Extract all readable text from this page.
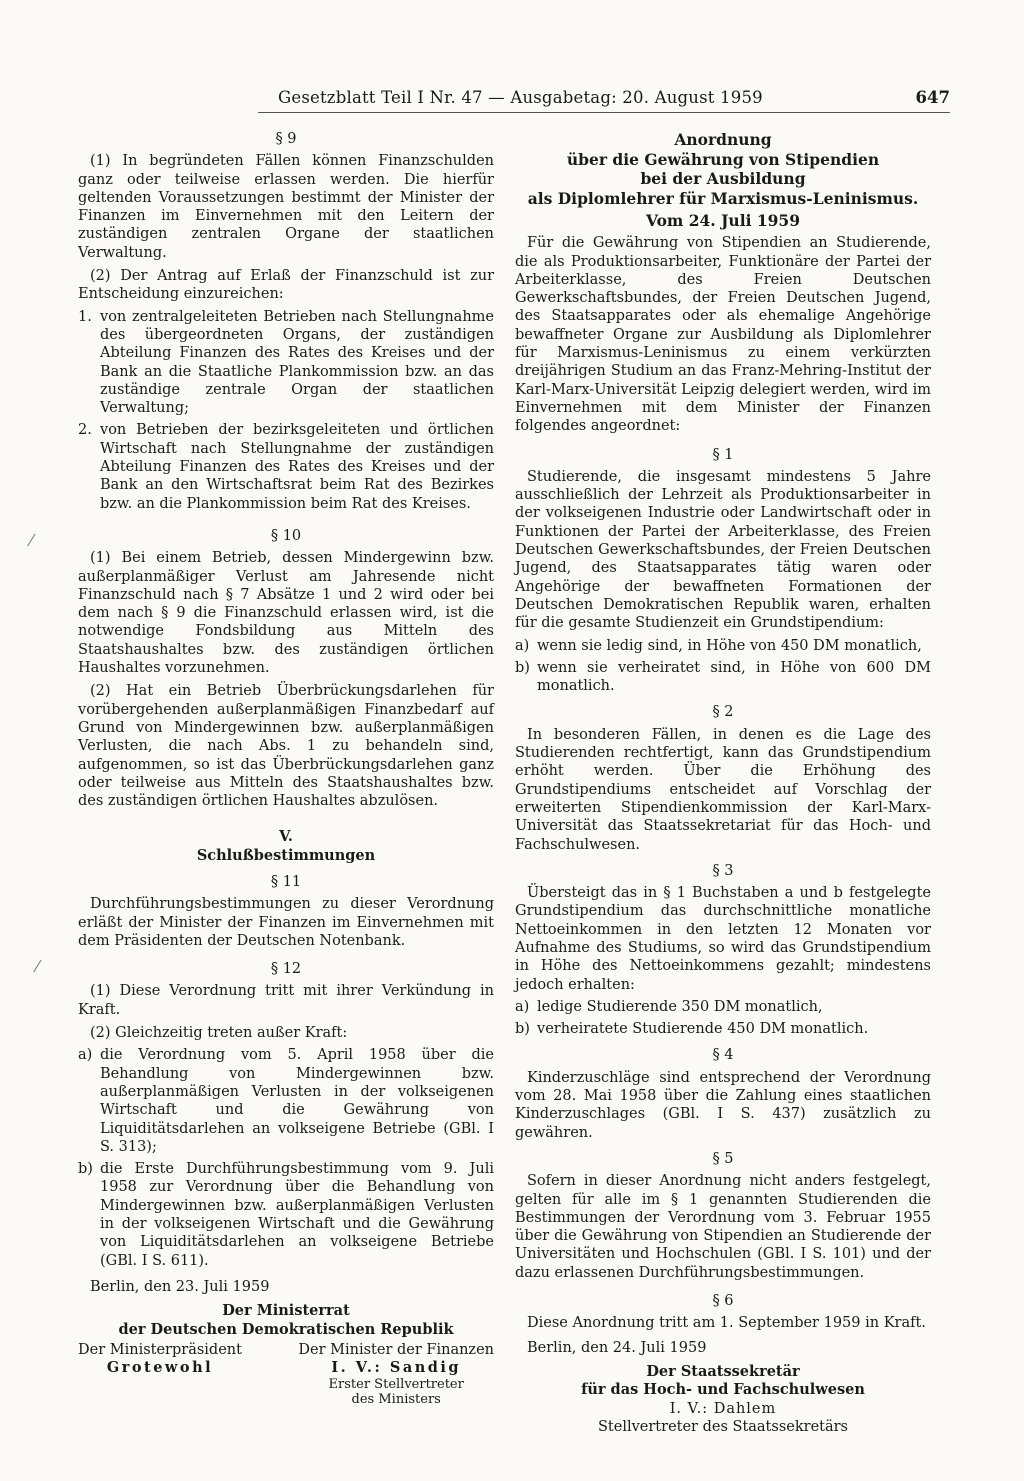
Gesetzblatt Teil I Nr. 47 — Ausgabetag: 20. August 1959	647
⁄
⁄
§ 9

(1) In begründeten Fällen können Finanzschulden ganz oder teilweise erlassen werden. Die hierfür geltenden Voraussetzungen bestimmt der Minister der Finanzen im Einvernehmen mit den Leitern der zuständigen zentralen Organe der staatlichen Verwaltung.

(2) Der Antrag auf Erlaß der Finanzschuld ist zur Entscheidung einzureichen:

1. von zentralgeleiteten Betrieben nach Stellungnahme des übergeordneten Organs, der zuständigen Abteilung Finanzen des Rates des Kreises und der Bank an die Staatliche Plankommission bzw. an das zuständige zentrale Organ der staatlichen Verwaltung;
2. von Betrieben der bezirksgeleiteten und örtlichen Wirtschaft nach Stellungnahme der zuständigen Abteilung Finanzen des Rates des Kreises und der Bank an den Wirtschaftsrat beim Rat des Bezirkes bzw. an die Plankommission beim Rat des Kreises.
§ 10

(1) Bei einem Betrieb, dessen Mindergewinn bzw. außerplanmäßiger Verlust am Jahresende nicht Finanzschuld nach § 7 Absätze 1 und 2 wird oder bei dem nach § 9 die Finanzschuld erlassen wird, ist die notwendige Fondsbildung aus Mitteln des Staatshaushaltes bzw. des zuständigen örtlichen Haushaltes vorzunehmen.

(2) Hat ein Betrieb Überbrückungsdarlehen für vorübergehenden außerplanmäßigen Finanzbedarf auf Grund von Mindergewinnen bzw. außerplanmäßigen Verlusten, die nach Abs. 1 zu behandeln sind, aufgenommen, so ist das Überbrückungsdarlehen ganz oder teilweise aus Mitteln des Staatshaushaltes bzw. des zuständigen örtlichen Haushaltes abzulösen.

V.
Schlußbestimmungen
§ 11

Durchführungsbestimmungen zu dieser Verordnung erläßt der Minister der Finanzen im Einvernehmen mit dem Präsidenten der Deutschen Notenbank.

§ 12

(1) Diese Verordnung tritt mit ihrer Verkündung in Kraft.

(2) Gleichzeitig treten außer Kraft:

a) die Verordnung vom 5. April 1958 über die Behandlung von Mindergewinnen bzw. außerplanmäßigen Verlusten in der volkseigenen Wirtschaft und die Gewährung von Liquiditätsdarlehen an volkseigene Betriebe (GBl. I S. 313);
b) die Erste Durchführungsbestimmung vom 9. Juli 1958 zur Verordnung über die Behandlung von Mindergewinnen bzw. außerplanmäßigen Verlusten in der volkseigenen Wirtschaft und die Gewährung von Liquiditätsdarlehen an volkseigene Betriebe (GBl. I S. 611).

Berlin, den 23. Juli 1959

Der Ministerrat
der Deutschen Demokratischen Republik
Der Ministerpräsident
Grotewohl
Der Minister der Finanzen
I. V.: Sandig
Erster Stellvertreter
des Ministers
Anordnung
über die Gewährung von Stipendien
bei der Ausbildung
als Diplomlehrer für Marxismus-Leninismus.
Vom 24. Juli 1959

Für die Gewährung von Stipendien an Studierende, die als Produktionsarbeiter, Funktionäre der Partei der Arbeiterklasse, des Freien Deutschen Gewerkschaftsbundes, der Freien Deutschen Jugend, des Staatsapparates oder als ehemalige Angehörige bewaffneter Organe zur Ausbildung als Diplomlehrer für Marxismus-Leninismus zu einem verkürzten dreijährigen Studium an das Franz-Mehring-Institut der Karl-Marx-Universität Leipzig delegiert werden, wird im Einvernehmen mit dem Minister der Finanzen folgendes angeordnet:

§ 1

Studierende, die insgesamt mindestens 5 Jahre ausschließlich der Lehrzeit als Produktionsarbeiter in der volkseigenen Industrie oder Landwirtschaft oder in Funktionen der Partei der Arbeiterklasse, des Freien Deutschen Gewerkschaftsbundes, der Freien Deutschen Jugend, des Staatsapparates tätig waren oder Angehörige der bewaffneten Formationen der Deutschen Demokratischen Republik waren, erhalten für die gesamte Studienzeit ein Grundstipendium:

a) wenn sie ledig sind, in Höhe von 450 DM monatlich,
b) wenn sie verheiratet sind, in Höhe von 600 DM monatlich.
§ 2

In besonderen Fällen, in denen es die Lage des Studierenden rechtfertigt, kann das Grundstipendium erhöht werden. Über die Erhöhung des Grundstipendiums entscheidet auf Vorschlag der erweiterten Stipendienkommission der Karl-Marx-Universität das Staatssekretariat für das Hoch- und Fachschulwesen.

§ 3

Übersteigt das in § 1 Buchstaben a und b festgelegte Grundstipendium das durchschnittliche monatliche Nettoeinkommen in den letzten 12 Monaten vor Aufnahme des Studiums, so wird das Grundstipendium in Höhe des Nettoeinkommens gezahlt; mindestens jedoch erhalten:

a) ledige Studierende 350 DM monatlich,
b) verheiratete Studierende 450 DM monatlich.
§ 4

Kinderzuschläge sind entsprechend der Verordnung vom 28. Mai 1958 über die Zahlung eines staatlichen Kinderzuschlages (GBl. I S. 437) zusätzlich zu gewähren.

§ 5

Sofern in dieser Anordnung nicht anders festgelegt, gelten für alle im § 1 genannten Studierenden die Bestimmungen der Verordnung vom 3. Februar 1955 über die Gewährung von Stipendien an Studierende der Universitäten und Hochschulen (GBl. I S. 101) und der dazu erlassenen Durchführungsbestimmungen.

§ 6

Diese Anordnung tritt am 1. September 1959 in Kraft.

Berlin, den 24. Juli 1959

Der Staatssekretär
für das Hoch- und Fachschulwesen
I. V.: Dahlem
Stellvertreter des Staatssekretärs
